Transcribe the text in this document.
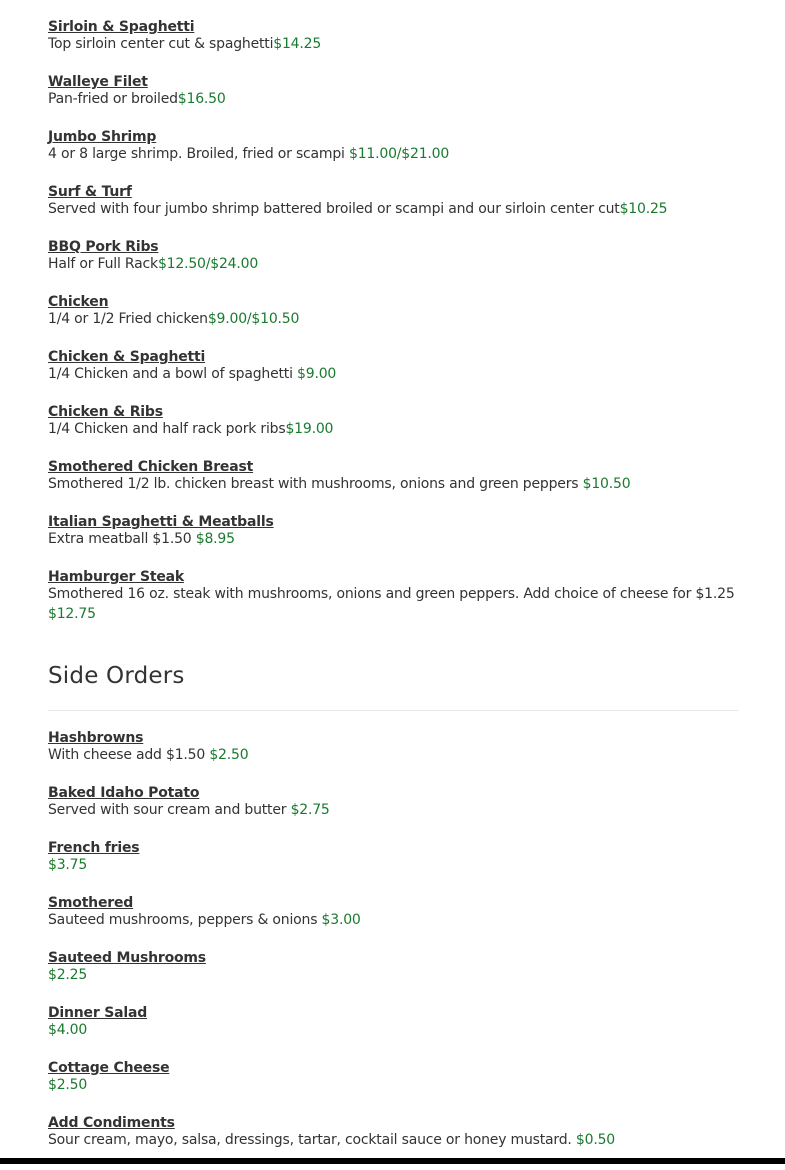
Sirloin & Spaghetti
Top sirloin center cut & spaghetti$14.25
Walleye Filet
Pan-fried or broiled$16.50
Jumbo Shrimp
4 or 8 large shrimp. Broiled, fried or scampi $11.00/$21.00
Surf & Turf
Served with four jumbo shrimp battered broiled or scampi and our sirloin center cut$10.25
BBQ Pork Ribs
Half or Full Rack$12.50/$24.00
Chicken
1/4 or 1/2 Fried chicken$9.00/$10.50
Chicken & Spaghetti
1/4 Chicken and a bowl of spaghetti $9.00
Chicken & Ribs
1/4 Chicken and half rack pork ribs$19.00
Smothered Chicken Breast
Smothered 1/2 lb. chicken breast with mushrooms, onions and green peppers $10.50
Italian Spaghetti & Meatballs
Extra meatball $1.50 $8.95
Hamburger Steak
Smothered 16 oz. steak with mushrooms, onions and green peppers. Add choice of cheese for $1.25
$12.75
Side Orders
Hashbrowns
With cheese add $1.50 $2.50
Baked Idaho Potato
Served with sour cream and butter $2.75
French fries
$3.75
Smothered
Sauteed mushrooms, peppers & onions $3.00
Sauteed Mushrooms
$2.25
Dinner Salad
$4.00
Cottage Cheese
$2.50
Add Condiments
Sour cream, mayo, salsa, dressings, tartar, cocktail sauce or honey mustard. $0.50
